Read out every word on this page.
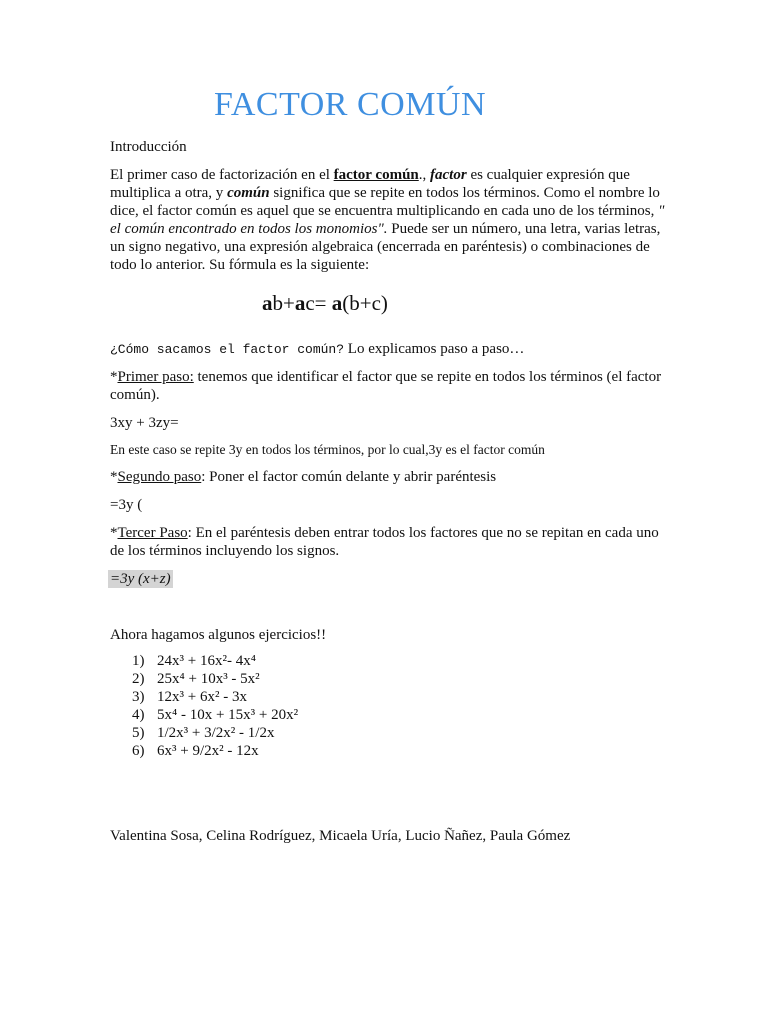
FACTOR COMÚN
Introducción
El primer caso de factorización en el factor común., factor es cualquier expresión que multiplica a otra, y común significa que se repite en todos los términos. Como el nombre lo dice, el factor común es aquel que se encuentra multiplicando en cada uno de los términos, " el común encontrado en todos los monomios". Puede ser un número, una letra, varias letras, un signo negativo, una expresión algebraica (encerrada en paréntesis) o combinaciones de todo lo anterior. Su fórmula es la siguiente:
ab+ac= a(b+c)
¿Cómo sacamos el factor común? Lo explicamos paso a paso…
*Primer paso: tenemos que identificar el factor que se repite en todos los términos (el factor común).
3xy + 3zy=
En este caso se repite 3y en todos los términos, por lo cual,3y es el factor común
*Segundo paso: Poner el factor común delante y abrir paréntesis
=3y (
*Tercer Paso: En el paréntesis deben entrar todos los factores que no se repitan en cada uno de los términos incluyendo los signos.
=3y (x+z)
Ahora hagamos algunos ejercicios!!
1) 24x³ + 16x²- 4x⁴
2) 25x⁴ + 10x³ - 5x²
3) 12x³ + 6x² - 3x
4) 5x⁴ - 10x + 15x³ + 20x²
5) 1/2x³ + 3/2x² - 1/2x
6) 6x³ + 9/2x² - 12x
Valentina Sosa, Celina Rodríguez, Micaela Uría, Lucio Ñañez, Paula Gómez
